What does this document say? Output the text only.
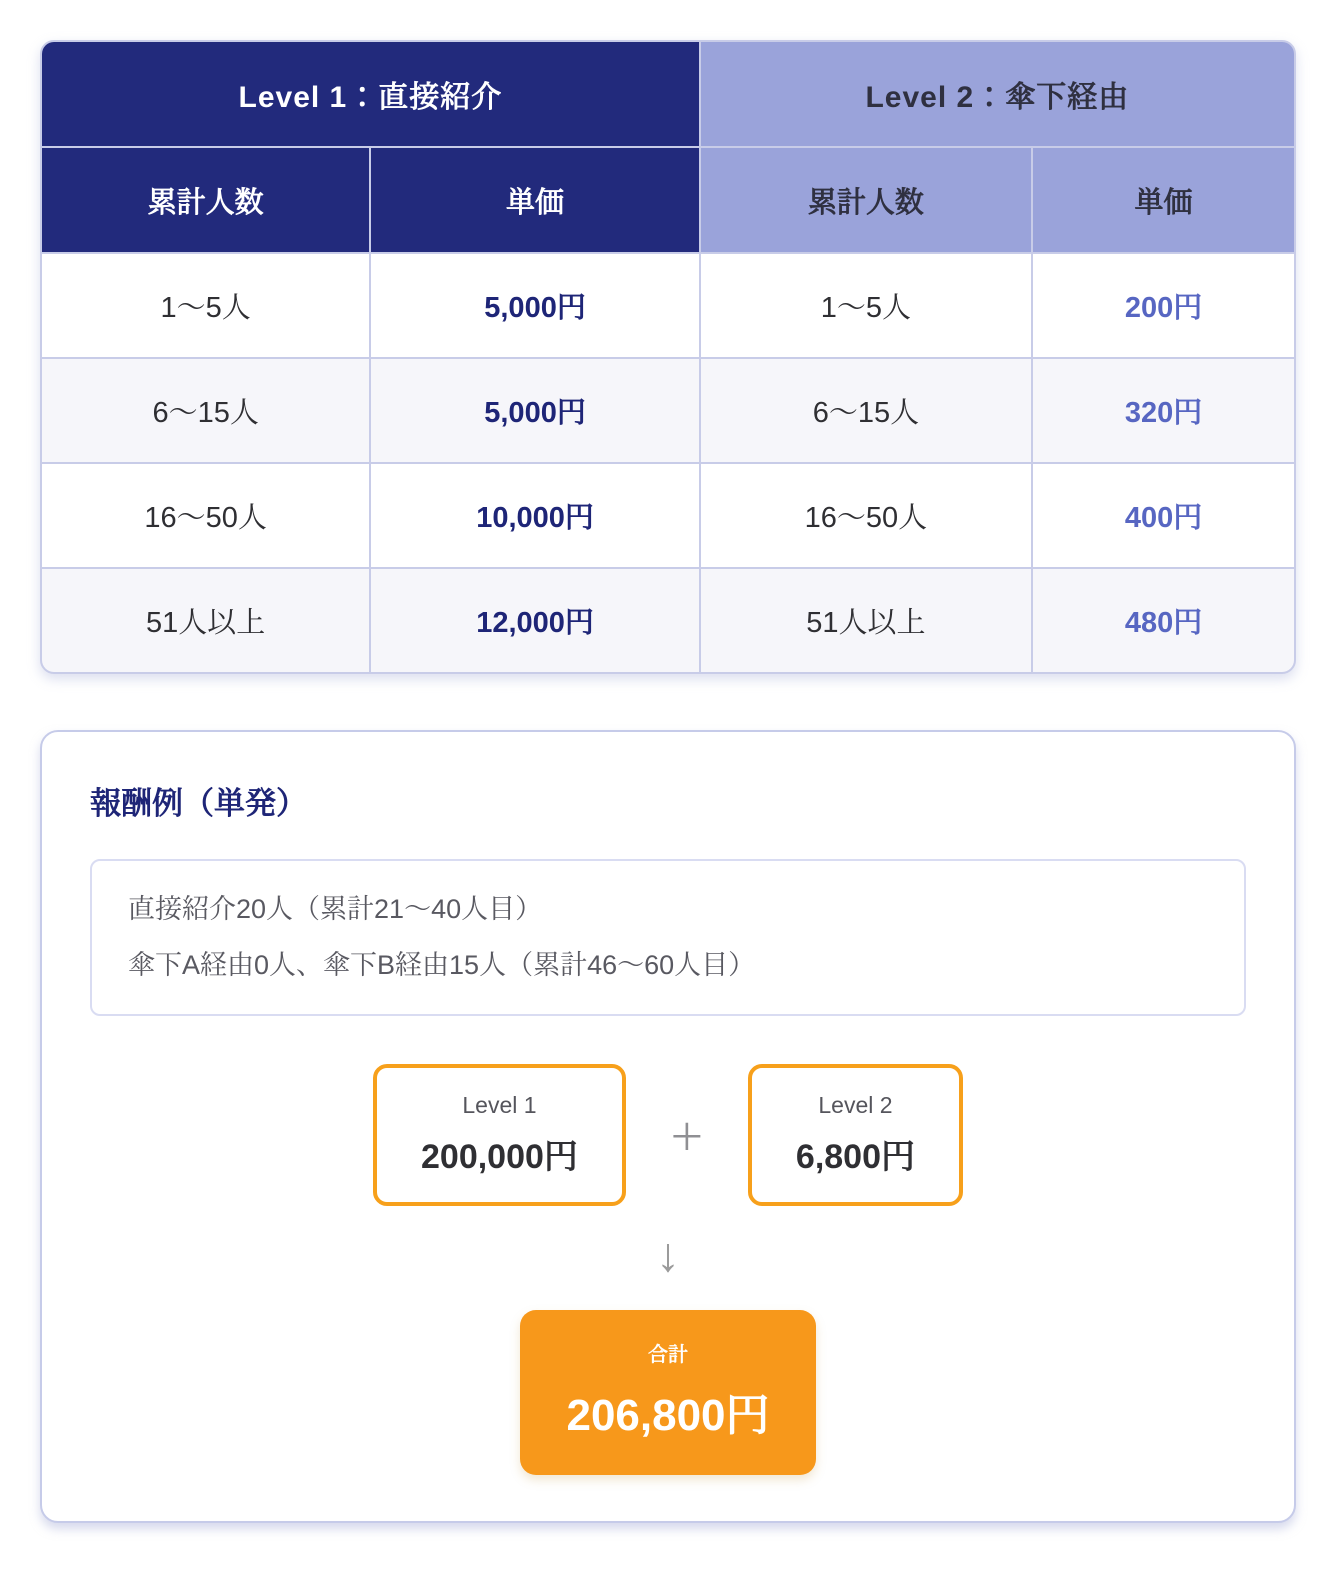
Level 1：直接紹介	Level 2：傘下経由
累計人数	単価	累計人数	単価
1〜5人	5,000円	1〜5人	200円
6〜15人	5,000円	6〜15人	320円
16〜50人	10,000円	16〜50人	400円
51人以上	12,000円	51人以上	480円
報酬例（単発）

直接紹介20人（累計21〜40人目）

傘下A経由0人、傘下B経由15人（累計46〜60人目）

Level 1
200,000円	＋
Level 2
6,800円
↓
合計
206,800円
